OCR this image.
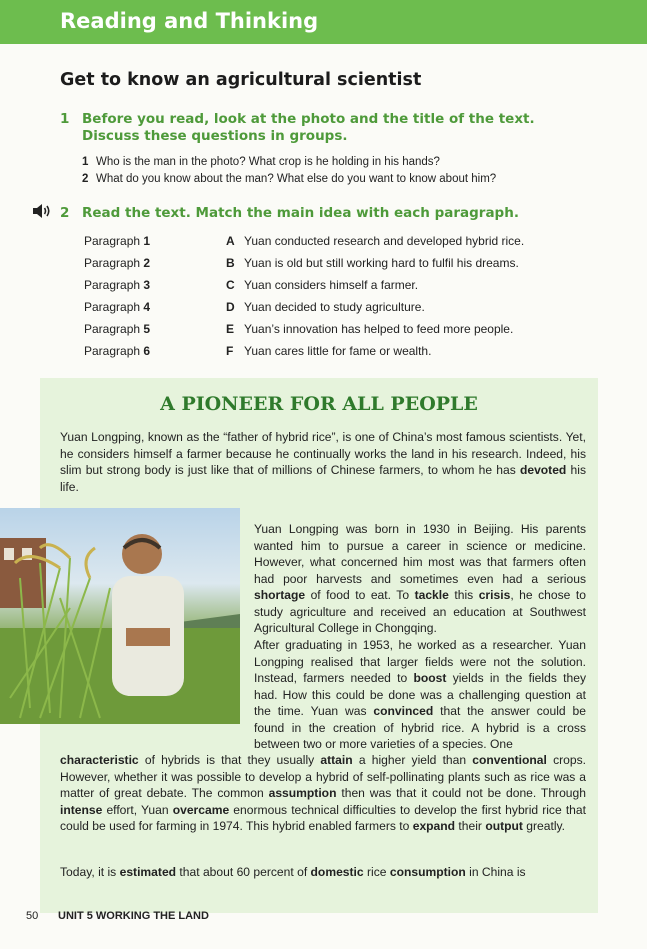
Reading and Thinking
Get to know an agricultural scientist
1 Before you read, look at the photo and the title of the text. Discuss these questions in groups.
1 Who is the man in the photo? What crop is he holding in his hands?
2 What do you know about the man? What else do you want to know about him?
2 Read the text. Match the main idea with each paragraph.
Paragraph 1	A Yuan conducted research and developed hybrid rice.
Paragraph 2	B Yuan is old but still working hard to fulfil his dreams.
Paragraph 3	C Yuan considers himself a farmer.
Paragraph 4	D Yuan decided to study agriculture.
Paragraph 5	E Yuan’s innovation has helped to feed more people.
Paragraph 6	F Yuan cares little for fame or wealth.
A PIONEER FOR ALL PEOPLE

Yuan Longping, known as the “father of hybrid rice”, is one of China’s most famous scientists. Yet, he considers himself a farmer because he continually works the land in his research. Indeed, his slim but strong body is just like that of millions of Chinese farmers, to whom he has devoted his life.

Yuan Longping was born in 1930 in Beijing. His parents wanted him to pursue a career in science or medicine. However, what concerned him most was that farmers often had poor harvests and sometimes even had a serious shortage of food to eat. To tackle this crisis, he chose to study agriculture and received an education at Southwest Agricultural College in Chongqing.

After graduating in 1953, he worked as a researcher. Yuan Longping realised that larger fields were not the solution. Instead, farmers needed to boost yields in the fields they had. How this could be done was a challenging question at the time. Yuan was convinced that the answer could be found in the creation of hybrid rice. A hybrid is a cross between two or more varieties of a species. One

characteristic of hybrids is that they usually attain a higher yield than conventional crops. However, whether it was possible to develop a hybrid of self-pollinating plants such as rice was a matter of great debate. The common assumption then was that it could not be done. Through intense effort, Yuan overcame enormous technical difficulties to develop the first hybrid rice that could be used for farming in 1974. This hybrid enabled farmers to expand their output greatly.

Today, it is estimated that about 60 percent of domestic rice consumption in China is

50 UNIT 5 WORKING THE LAND
